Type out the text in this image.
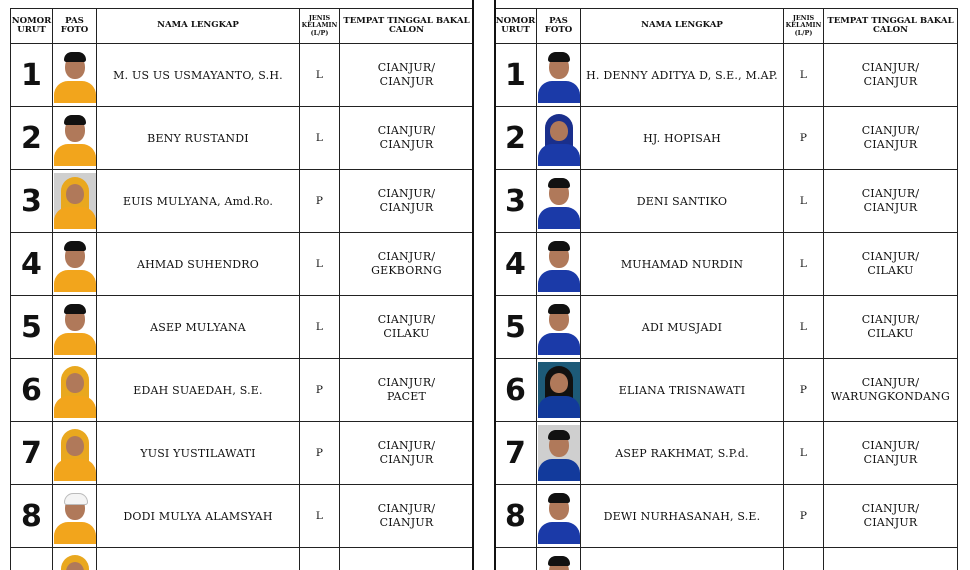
NOMOR URUT	PAS FOTO	NAMA LENGKAP	JENIS KELAMIN (L/P)	TEMPAT TINGGAL BAKAL CALON
1		M. US US USMAYANTO, S.H.	L	CIANJUR/
CIANJUR
2		BENY RUSTANDI	L	CIANJUR/
CIANJUR
3		EUIS MULYANA, Amd.Ro.	P	CIANJUR/
CIANJUR
4		AHMAD SUHENDRO	L	CIANJUR/
GEKBORNG
5		ASEP MULYANA	L	CIANJUR/
CILAKU
6		EDAH SUAEDAH, S.E.	P	CIANJUR/
PACET
7		YUSI YUSTILAWATI	P	CIANJUR/
CIANJUR
8		DODI MULYA ALAMSYAH	L	CIANJUR/
CIANJUR

NOMOR URUT	PAS FOTO	NAMA LENGKAP	JENIS KELAMIN (L/P)	TEMPAT TINGGAL BAKAL CALON
1		H. DENNY ADITYA D, S.E., M.AP.	L	CIANJUR/
CIANJUR
2		HJ. HOPISAH	P	CIANJUR/
CIANJUR
3		DENI SANTIKO	L	CIANJUR/
CIANJUR
4		MUHAMAD NURDIN	L	CIANJUR/
CILAKU
5		ADI MUSJADI	L	CIANJUR/
CILAKU
6		ELIANA TRISNAWATI	P	CIANJUR/
WARUNGKONDANG
7		ASEP RAKHMAT, S.P.d.	L	CIANJUR/
CIANJUR
8		DEWI NURHASANAH, S.E.	P	CIANJUR/
CIANJUR
